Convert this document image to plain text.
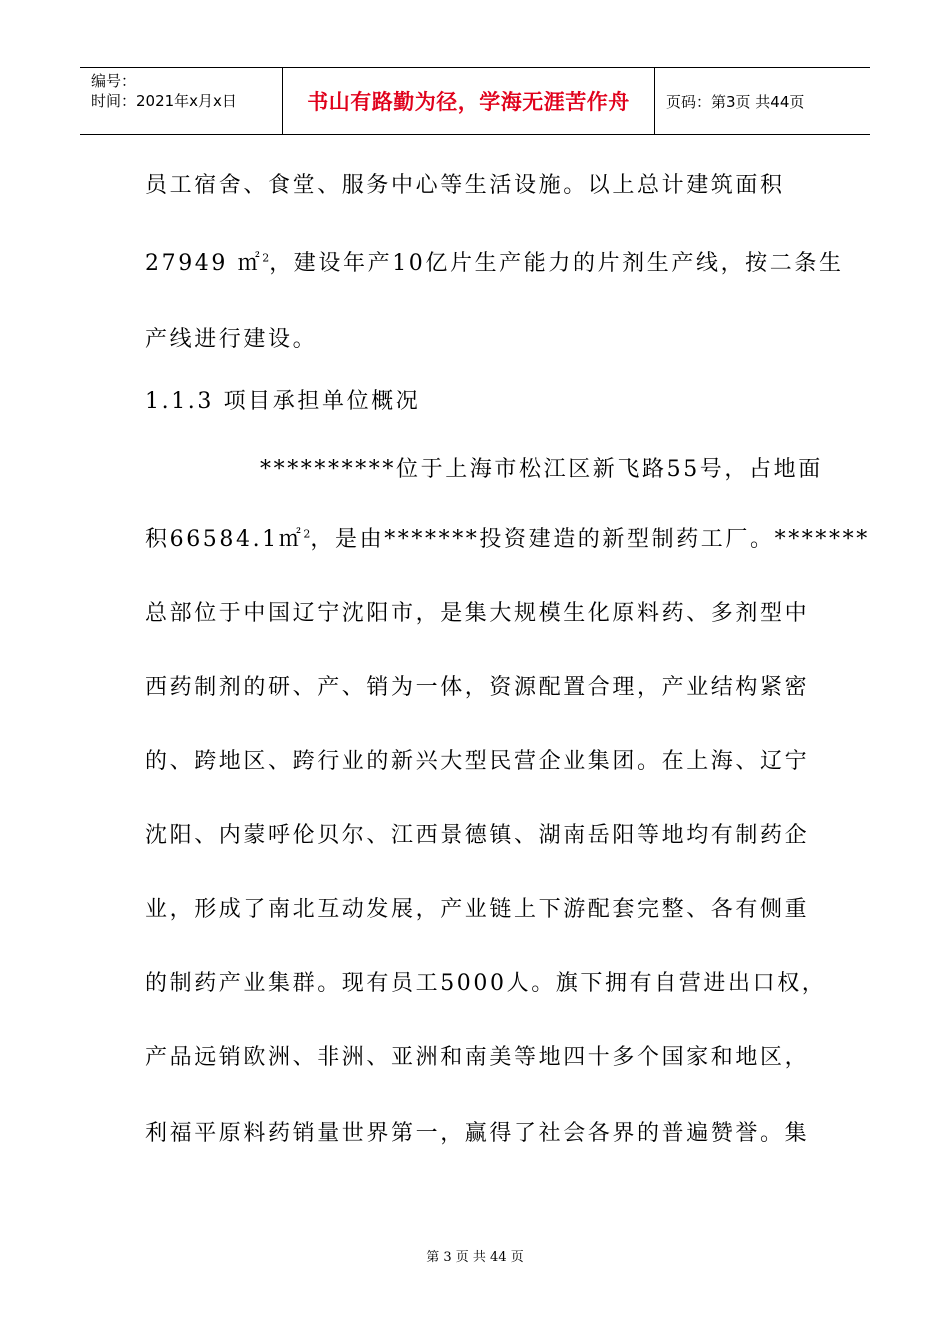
编号：
时间：2021年x月x日	书山有路勤为径，学海无涯苦作舟	页码：第3页 共44页
员工宿舍、食堂、服务中心等生活设施。以上总计建筑面积
27949 ㎡$^2$，建设年产10亿片生产能力的片剂生产线，按二条生
产线进行建设。
1.1.3 项目承担单位概况
**********位于上海市松江区新飞路55号，占地面
积66584.1㎡$^2$，是由*******投资建造的新型制药工厂。*******
总部位于中国辽宁沈阳市，是集大规模生化原料药、多剂型中
西药制剂的研、产、销为一体，资源配置合理，产业结构紧密
的、跨地区、跨行业的新兴大型民营企业集团。在上海、辽宁
沈阳、内蒙呼伦贝尔、江西景德镇、湖南岳阳等地均有制药企
业，形成了南北互动发展，产业链上下游配套完整、各有侧重
的制药产业集群。现有员工5000人。旗下拥有自营进出口权，
产品远销欧洲、非洲、亚洲和南美等地四十多个国家和地区，
利福平原料药销量世界第一，赢得了社会各界的普遍赞誉。集
第 3 页 共 44 页
